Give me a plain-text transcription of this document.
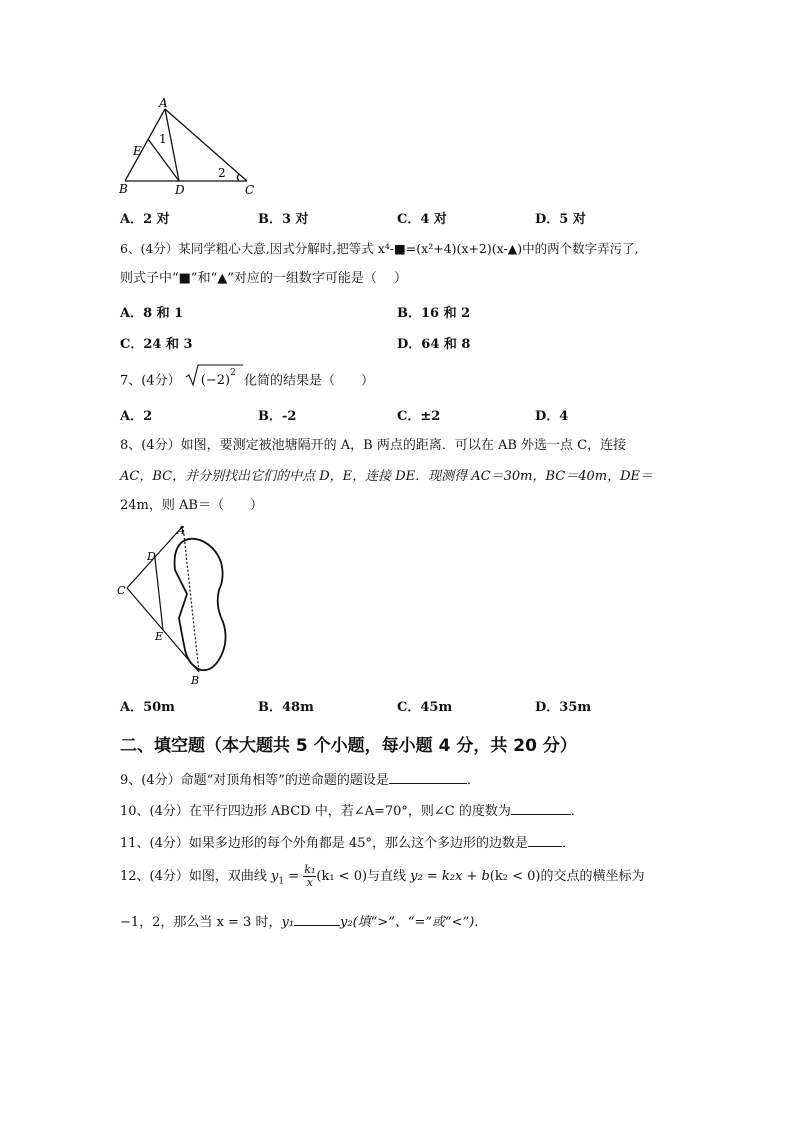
A
E
B	D	C
1
2
A．2 对	B．3 对	C．4 对	D．5 对
6、(4分）某同学粗心大意,因式分解时,把等式 x⁴-■=(x²+4)(x+2)(x-▲)中的两个数字弄污了,
则式子中“■”和“▲”对应的一组数字可能是（　 ）
A．8 和 1	B．16 和 2
C．24 和 3	D．64 和 8
7、(4分） $(-2)^2$ 化简的结果是（　　）
A．2	B．-2	C．±2	D．4
8、(4分）如图，要测定被池塘隔开的 A，B 两点的距离．可以在 AB 外选一点 C，连接
AC，BC，并分别找出它们的中点 D，E，连接 DE．现测得 AC＝30m，BC＝40m，DE＝
24m，则 AB＝（　　）
A
D
C
E
B
A．50m	B．48m	C．45m	D．35m
二、填空题（本大题共 5 个小题，每小题 4 分，共 20 分）
9、(4分）命题“对顶角相等”的逆命题的题设是	．
10、(4分）在平行四边形 ABCD 中，若∠A=70°，则∠C 的度数为	．
11、(4分）如果多边形的每个外角都是 45°，那么这个多边形的边数是	．
12、(4分）如图，双曲线 $y_1 = \frac{\text{k₁}}{x} (k_1 < 0)$与直线 y₂ = k₂x + b(k₂ < 0)的交点的横坐标为
−1，2，那么当 x = 3 时，y₁	y₂(填“>”、“=”或“<”)．
